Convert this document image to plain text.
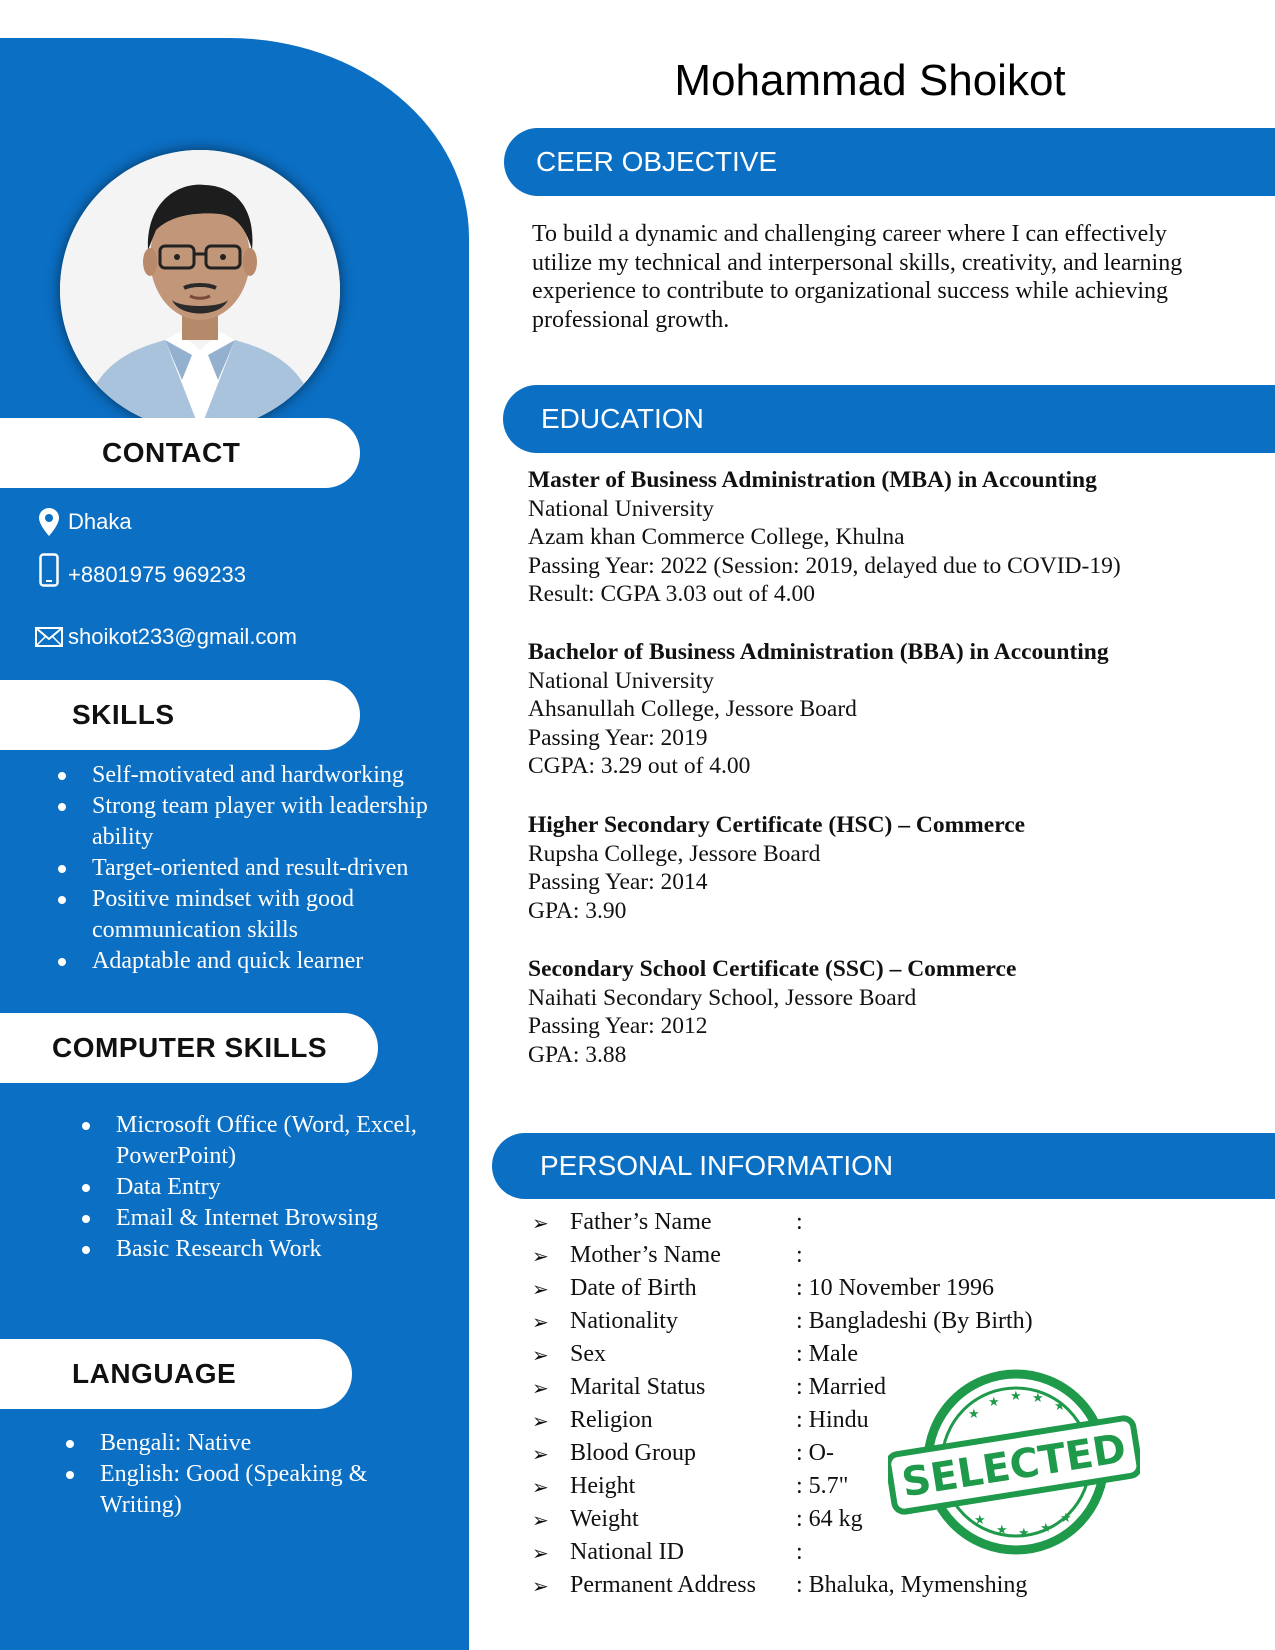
CONTACT
Dhaka
+8801975 969233
shoikot233@gmail.com
SKILLS
Self-motivated and hardworking
Strong team player with leadership ability
Target-oriented and result-driven
Positive mindset with good communication skills
Adaptable and quick learner
COMPUTER SKILLS
Microsoft Office (Word, Excel, PowerPoint)
Data Entry
Email & Internet Browsing
Basic Research Work
LANGUAGE
Bengali: Native
English: Good (Speaking & Writing)
Mohammad Shoikot
CEER OBJECTIVE

To build a dynamic and challenging career where I can effectively utilize my technical and interpersonal skills, creativity, and learning experience to contribute to organizational success while achieving professional growth.

EDUCATION
Master of Business Administration (MBA) in Accounting
National University
Azam khan Commerce College, Khulna
Passing Year: 2022 (Session: 2019, delayed due to COVID-19)
Result: CGPA 3.03 out of 4.00
Bachelor of Business Administration (BBA) in Accounting
National University
Ahsanullah College, Jessore Board
Passing Year: 2019
CGPA: 3.29 out of 4.00
Higher Secondary Certificate (HSC) – Commerce
Rupsha College, Jessore Board
Passing Year: 2014
GPA: 3.90
Secondary School Certificate (SSC) – Commerce
Naihati Secondary School, Jessore Board
Passing Year: 2012
GPA: 3.88
PERSONAL INFORMATION
➢ Father’s Name	:
➢ Mother’s Name	:
➢ Date of Birth	: 10 November 1996
➢ Nationality	: Bangladeshi (By Birth)
➢ Sex	: Male
➢ Marital Status	: Married
➢ Religion	: Hindu
➢ Blood Group	: O-
➢ Height	: 5.7"
➢ Weight	: 64 kg
➢ National ID	:
➢ Permanent Address	: Bhaluka, Mymenshing
★ ★ ★
★
★
★
★ ★ ★
★
SELECTED
